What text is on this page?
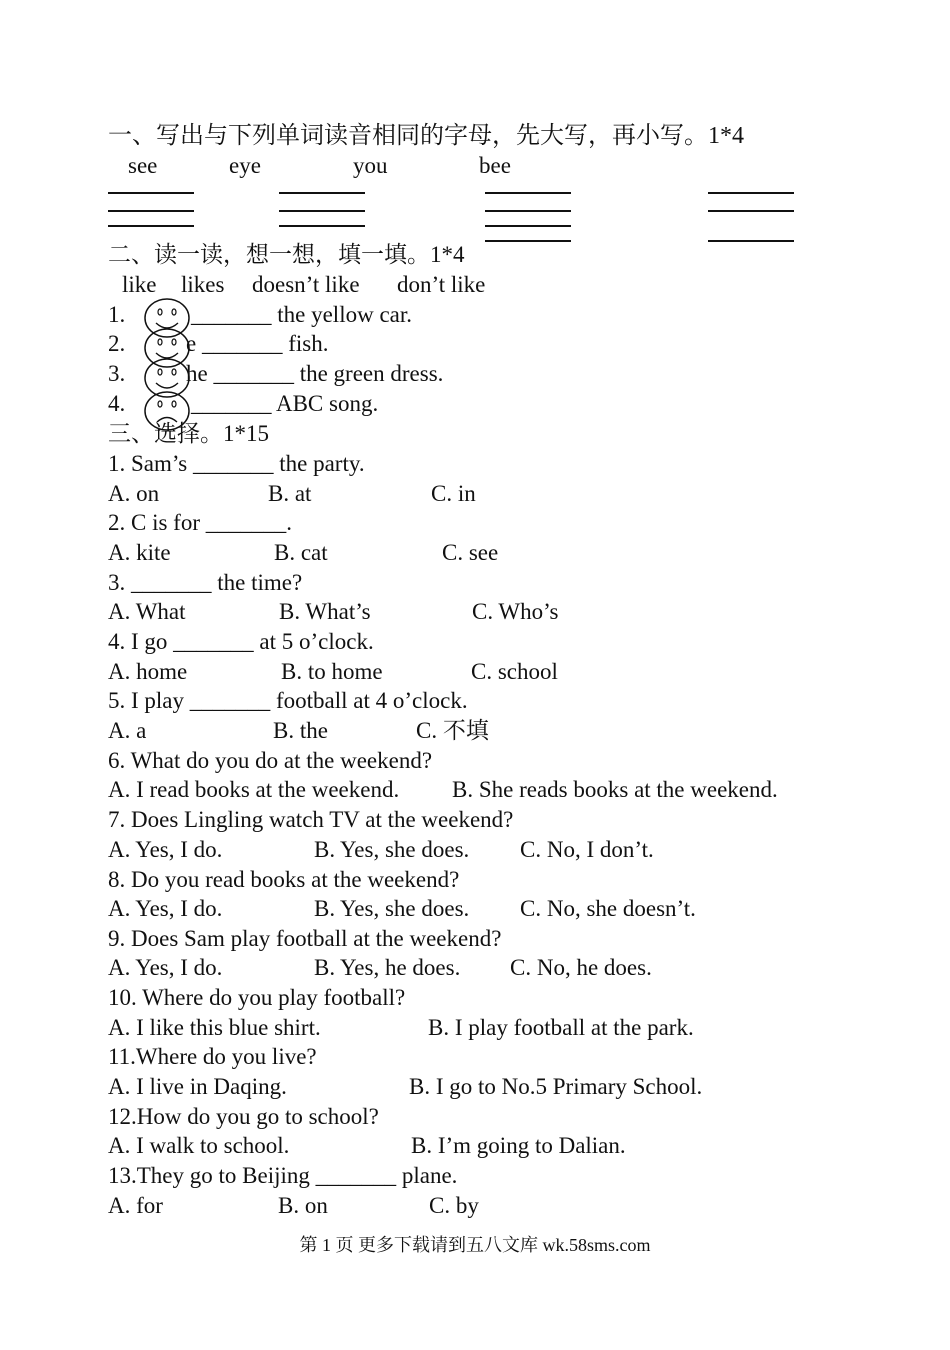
一、写出与下列单词读音相同的字母，先大写，再小写。1*4
see	eye	you	bee
二、读一读，想一想，填一填。1*4
like likes doesn’t like don’t like
1.	_______ the yellow car.
2.	e _______ fish.
3.	he _______ the green dress.
4.	_______ ABC song.
三、选择。1*15
1. Sam’s _______ the party.
A. on	B. at	C. in
2. C is for _______.
A. kite	B. cat	C. see
3. _______ the time?
A. What	B. What’s	C. Who’s
4. I go _______ at 5 o’clock.
A. home	B. to home	C. school
5. I play _______ football at 4 o’clock.
A. a	B. the	C. 不填
6. What do you do at the weekend?
A. I read books at the weekend. B. She reads books at the weekend.
7. Does Lingling watch TV at the weekend?
A. Yes, I do.	B. Yes, she does. C. No, I don’t.
8. Do you read books at the weekend?
A. Yes, I do.	B. Yes, she does. C. No, she doesn’t.
9. Does Sam play football at the weekend?
A. Yes, I do.	B. Yes, he does. C. No, he does.
10. Where do you play football?
A. I like this blue shirt.	B. I play football at the park.
11.Where do you live?
A. I live in Daqing.	B. I go to No.5 Primary School.
12.How do you go to school?
A. I walk to school.	B. I’m going to Dalian.
13.They go to Beijing _______ plane.
A. for	B. on	C. by
第 1 页 更多下载请到五八文库 wk.58sms.com
